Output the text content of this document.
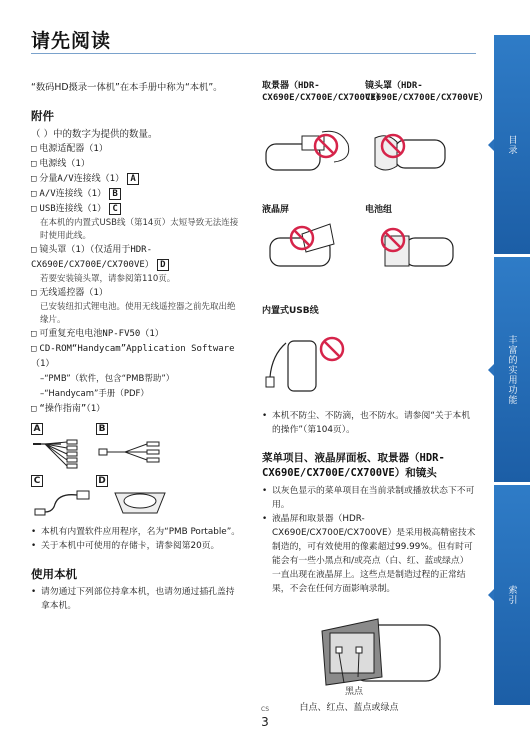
请先阅读
“数码HD摄录一体机”在本手册中称为“本机”。
附件
（ ）中的数字为提供的数量。
□ 电源适配器（1）
□ 电源线（1）
□ 分量A/V连接线（1） A
□ A/V连接线（1） B
□ USB连接线（1） C
在本机的内置式USB线（第14页）太短导致无法连接时使用此线。
□ 镜头罩（1）（仅适用于HDR-CX690E/CX700E/CX700VE） D
若要安装镜头罩，请参阅第110页。
□ 无线遥控器（1）
已安装纽扣式锂电池。使用无线遥控器之前先取出绝缘片。
□ 可重复充电电池NP-FV50（1）
□ CD-ROM“Handycam”Application Software（1）
–“PMB”（软件，包含“PMB帮助”）
–“Handycam”手册（PDF）
□ “操作指南”（1）
A	B
C	D
• 本机有内置软件应用程序，名为“PMB Portable”。
• 关于本机中可使用的存储卡，请参阅第20页。
使用本机
• 请勿通过下列部位持拿本机，也请勿通过插孔盖持拿本机。
取景器（HDR-CX690E/CX700E/CX700VE）
镜头罩（HDR-CX690E/CX700E/CX700VE）
液晶屏	电池组
内置式USB线
• 本机不防尘、不防滴，也不防水。请参阅“关于本机的操作”（第104页）。
菜单项目、液晶屏面板、取景器（HDR-CX690E/CX700E/CX700VE）和镜头
• 以灰色显示的菜单项目在当前录制或播放状态下不可用。
• 液晶屏和取景器（HDR-CX690E/CX700E/CX700VE）是采用极高精密技术制造的，可有效使用的像素超过99.99%。但有时可能会有一些小黑点和/或亮点（白、红、蓝或绿点）一直出现在液晶屏上。这些点是制造过程的正常结果，不会在任何方面影响录制。
黑点
白点、红点、蓝点或绿点
目录
丰富的实用功能
索引
CS
3
